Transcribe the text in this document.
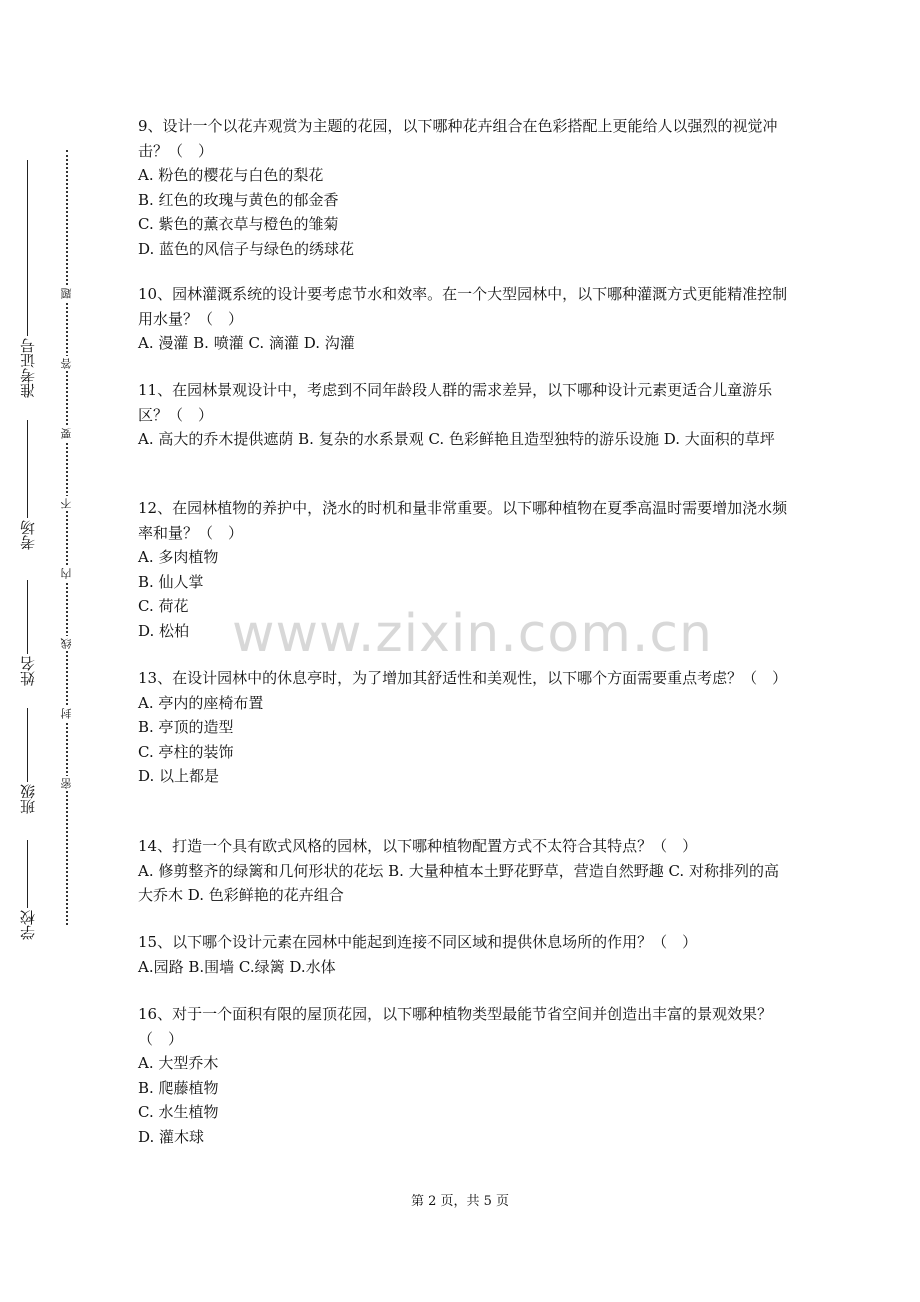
学校
班级
姓名
考场
准考证号
密
封
线
内
不
要
答
题
www.zixin.com.cn

9、设计一个以花卉观赏为主题的花园，以下哪种花卉组合在色彩搭配上更能给人以强烈的视觉冲击？（　）

A. 粉色的樱花与白色的梨花

B. 红色的玫瑰与黄色的郁金香

C. 紫色的薰衣草与橙色的雏菊

D. 蓝色的风信子与绿色的绣球花

10、园林灌溉系统的设计要考虑节水和效率。在一个大型园林中，以下哪种灌溉方式更能精准控制用水量？（　）

A. 漫灌 B. 喷灌 C. 滴灌 D. 沟灌

11、在园林景观设计中，考虑到不同年龄段人群的需求差异，以下哪种设计元素更适合儿童游乐区？（　）

A. 高大的乔木提供遮荫 B. 复杂的水系景观 C. 色彩鲜艳且造型独特的游乐设施 D. 大面积的草坪

12、在园林植物的养护中，浇水的时机和量非常重要。以下哪种植物在夏季高温时需要增加浇水频率和量？（　）

A. 多肉植物

B. 仙人掌

C. 荷花

D. 松柏

13、在设计园林中的休息亭时，为了增加其舒适性和美观性，以下哪个方面需要重点考虑？（　）

A. 亭内的座椅布置

B. 亭顶的造型

C. 亭柱的装饰

D. 以上都是

14、打造一个具有欧式风格的园林，以下哪种植物配置方式不太符合其特点？（　）

A. 修剪整齐的绿篱和几何形状的花坛 B. 大量种植本土野花野草，营造自然野趣 C. 对称排列的高大乔木 D. 色彩鲜艳的花卉组合

15、以下哪个设计元素在园林中能起到连接不同区域和提供休息场所的作用？（　）

A.园路 B.围墙 C.绿篱 D.水体

16、对于一个面积有限的屋顶花园，以下哪种植物类型最能节省空间并创造出丰富的景观效果？（　）

A. 大型乔木

B. 爬藤植物

C. 水生植物

D. 灌木球

第 2 页，共 5 页
